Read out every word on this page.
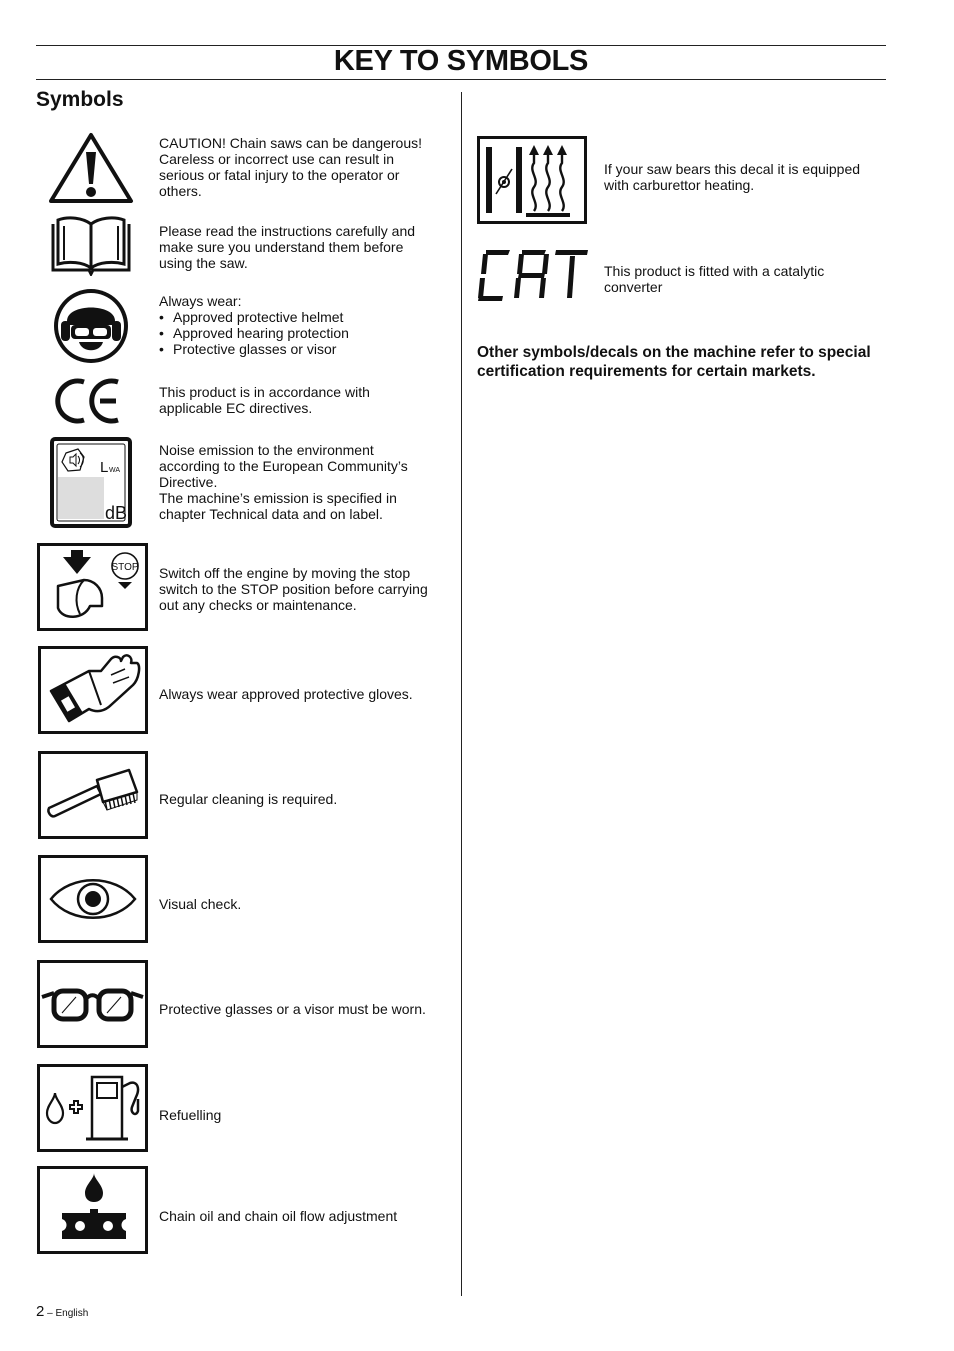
KEY TO SYMBOLS
Symbols
CAUTION! Chain saws can be dangerous!
Careless or incorrect use can result in
serious or fatal injury to the operator or
others.
Please read the instructions carefully and
make sure you understand them before
using the saw.
Always wear:
• Approved protective helmet
• Approved hearing protection
• Protective glasses or visor
This product is in accordance with
applicable EC directives.
L WA
dB
Noise emission to the environment
according to the European Community’s
Directive.
The machine’s emission is specified in
chapter Technical data and on label.
STOP Switch off the engine by moving the stop
switch to the STOP position before carrying
out any checks or maintenance.
Always wear approved protective gloves.
Regular cleaning is required.
Visual check.
Protective glasses or a visor must be worn.
Refuelling
Chain oil and chain oil flow adjustment
If your saw bears this decal it is equipped
with carburettor heating.
This product is fitted with a catalytic
converter
Other symbols/decals on the machine refer to special
certification requirements for certain markets.
2 – English
